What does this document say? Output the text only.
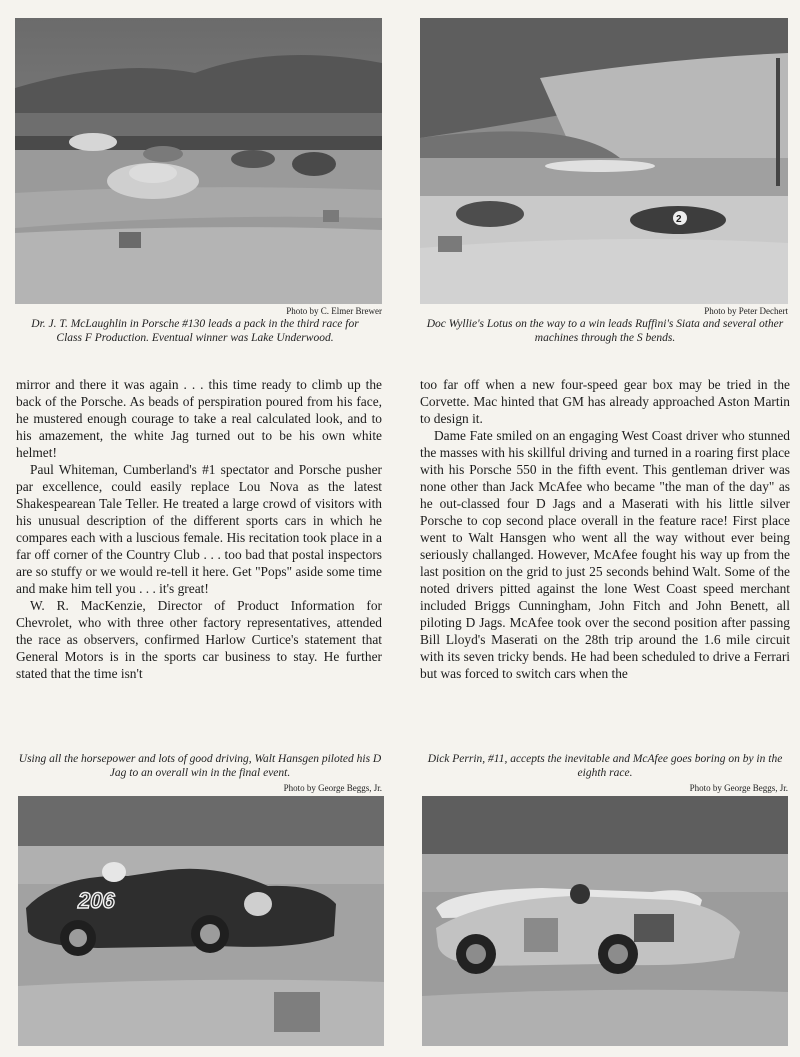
Photo by C. Elmer Brewer
Dr. J. T. McLaughlin in Porsche #130 leads a pack in the third race for Class F Production. Eventual winner was Lake Underwood.
2
Photo by Peter Dechert
Doc Wyllie's Lotus on the way to a win leads Ruffini's Siata and several other machines through the S bends.

mirror and there it was again . . . this time ready to climb up the back of the Porsche. As beads of perspiration poured from his face, he mustered enough courage to take a real calculated look, and to his amazement, the white Jag turned out to be his own white helmet!

Paul Whiteman, Cumberland's #1 spectator and Porsche pusher par excellence, could easily replace Lou Nova as the latest Shakespearean Tale Teller. He treated a large crowd of visitors with his unusual description of the different sports cars in which he compares each with a luscious female. His recitation took place in a far off corner of the Country Club . . . too bad that postal inspectors are so stuffy or we would re-tell it here. Get "Pops" aside some time and make him tell you . . . it's great!

W. R. MacKenzie, Director of Product Information for Chevrolet, who with three other factory representatives, attended the race as observers, confirmed Harlow Curtice's statement that General Motors is in the sports car business to stay. He further stated that the time isn't

too far off when a new four-speed gear box may be tried in the Corvette. Mac hinted that GM has already approached Aston Martin to design it.

Dame Fate smiled on an engaging West Coast driver who stunned the masses with his skillful driving and turned in a roaring first place with his Porsche 550 in the fifth event. This gentleman driver was none other than Jack McAfee who became "the man of the day" as he out-classed four D Jags and a Maserati with his little silver Porsche to cop second place overall in the feature race! First place went to Walt Hansgen who went all the way without ever being seriously challanged. However, McAfee fought his way up from the last position on the grid to just 25 seconds behind Walt. Some of the noted drivers pitted against the lone West Coast speed merchant included Briggs Cunningham, John Fitch and John Benett, all piloting D Jags. McAfee took over the second position after passing Bill Lloyd's Maserati on the 28th trip around the 1.6 mile circuit with its seven tricky bends. He had been scheduled to drive a Ferrari but was forced to switch cars when the

Using all the horsepower and lots of good driving, Walt Hansgen piloted his D Jag to an overall win in the final event.
Photo by George Beggs, Jr.
206
Dick Perrin, #11, accepts the inevitable and McAfee goes boring on by in the eighth race.
Photo by George Beggs, Jr.
